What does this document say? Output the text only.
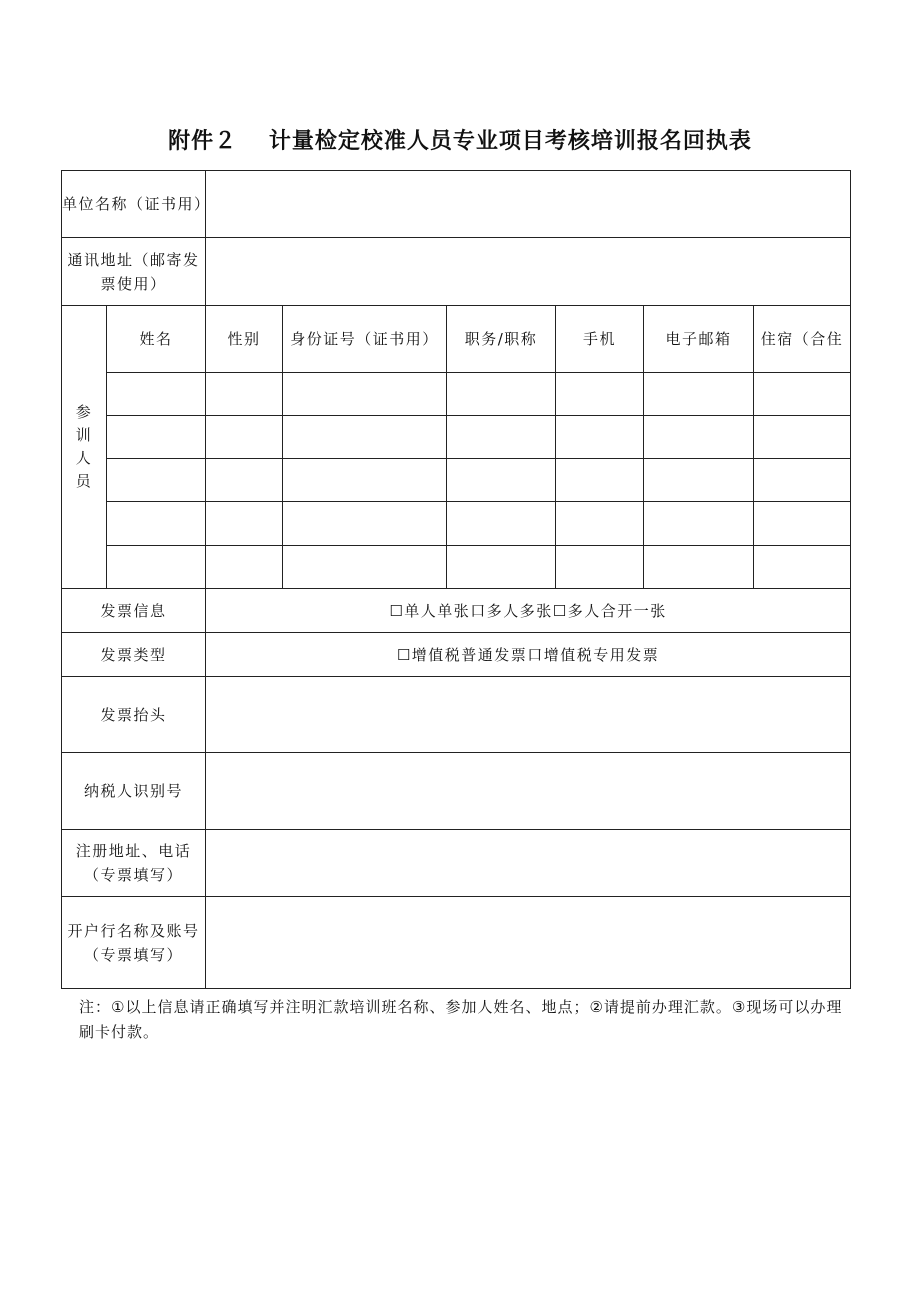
附件２　 计量检定校准人员专业项目考核培训报名回执表
单位名称（证书用）							
通讯地址（邮寄发票使用）							
参训人员	姓名	性别	身份证号（证书用）	职务/职称	手机	电子邮箱	住宿（合住

发票信息		☐单人单张口多人多张☐多人合开一张					
发票类型		☐增值税普通发票口增值税专用发票					
发票抬头							
纳税人识别号							
注册地址、电话（专票填写）							
开户行名称及账号（专票填写）							
注：①以上信息请正确填写并注明汇款培训班名称、参加人姓名、地点；②请提前办理汇款。③现场可以办理刷卡付款。
